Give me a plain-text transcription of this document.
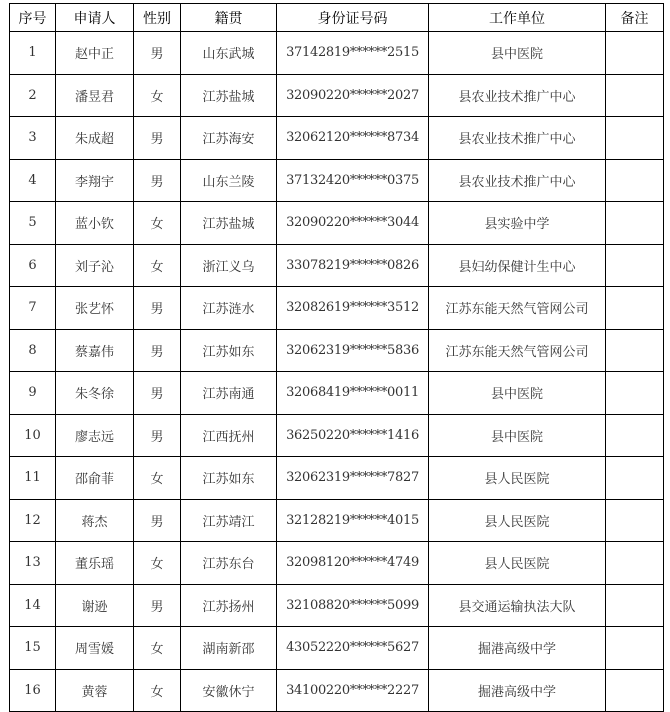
序号	申请人	性别	籍贯	身份证号码	工作单位	备注
1	赵中正	男	山东武城	37142819******2515	县中医院	
2	潘昱君	女	江苏盐城	32090220******2027	县农业技术推广中心	
3	朱成超	男	江苏海安	32062120******8734	县农业技术推广中心	
4	李翔宇	男	山东兰陵	37132420******0375	县农业技术推广中心	
5	蓝小钦	女	江苏盐城	32090220******3044	县实验中学	
6	刘子沁	女	浙江义乌	33078219******0826	县妇幼保健计生中心	
7	张艺怀	男	江苏涟水	32082619******3512	江苏东能天然气管网公司	
8	蔡嘉伟	男	江苏如东	32062319******5836	江苏东能天然气管网公司	
9	朱冬徐	男	江苏南通	32068419******0011	县中医院	
10	廖志远	男	江西抚州	36250220******1416	县中医院	
11	邵俞菲	女	江苏如东	32062319******7827	县人民医院	
12	蒋杰	男	江苏靖江	32128219******4015	县人民医院	
13	董乐瑶	女	江苏东台	32098120******4749	县人民医院	
14	谢逊	男	江苏扬州	32108820******5099	县交通运输执法大队	
15	周雪媛	女	湖南新邵	43052220******5627	掘港高级中学	
16	黄蓉	女	安徽休宁	34100220******2227	掘港高级中学	
